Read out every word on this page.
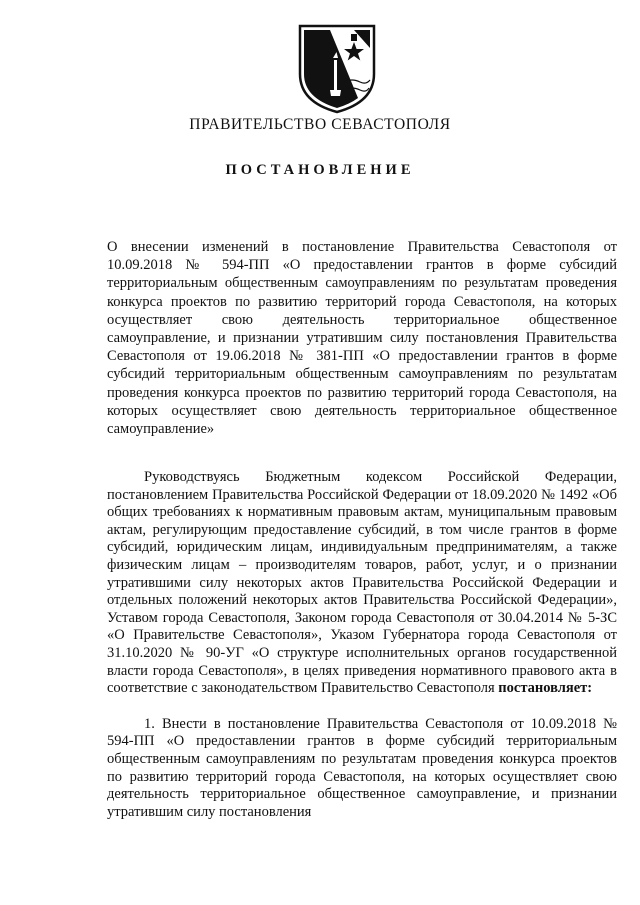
ПРАВИТЕЛЬСТВО СЕВАСТОПОЛЯ
ПОСТАНОВЛЕНИЕ
О внесении изменений в постановление Правительства Севастополя от 10.09.2018 № 594-ПП «О предоставлении грантов в форме субсидий территориальным общественным самоуправлениям по результатам проведения конкурса проектов по развитию территорий города Севастополя, на которых осуществляет свою деятельность территориальное общественное самоуправление, и признании утратившим силу постановления Правительства Севастополя от 19.06.2018 № 381-ПП «О предоставлении грантов в форме субсидий территориальным общественным самоуправлениям по результатам проведения конкурса проектов по развитию территорий города Севастополя, на которых осуществляет свою деятельность территориальное общественное самоуправление»

Руководствуясь Бюджетным кодексом Российской Федерации, постановлением Правительства Российской Федерации от 18.09.2020 № 1492 «Об общих требованиях к нормативным правовым актам, муниципальным правовым актам, регулирующим предоставление субсидий, в том числе грантов в форме субсидий, юридическим лицам, индивидуальным предпринимателям, а также физическим лицам – производителям товаров, работ, услуг, и о признании утратившими силу некоторых актов Правительства Российской Федерации и отдельных положений некоторых актов Правительства Российской Федерации», Уставом города Севастополя, Законом города Севастополя от 30.04.2014 № 5-ЗС «О Правительстве Севастополя», Указом Губернатора города Севастополя от 31.10.2020 № 90-УГ «О структуре исполнительных органов государственной власти города Севастополя», в целях приведения нормативного правового акта в соответствие с законодательством Правительство Севастополя постановляет:

1. Внести в постановление Правительства Севастополя от 10.09.2018 № 594-ПП «О предоставлении грантов в форме субсидий территориальным общественным самоуправлениям по результатам проведения конкурса проектов по развитию территорий города Севастополя, на которых осуществляет свою деятельность территориальное общественное самоуправление, и признании утратившим силу постановления
